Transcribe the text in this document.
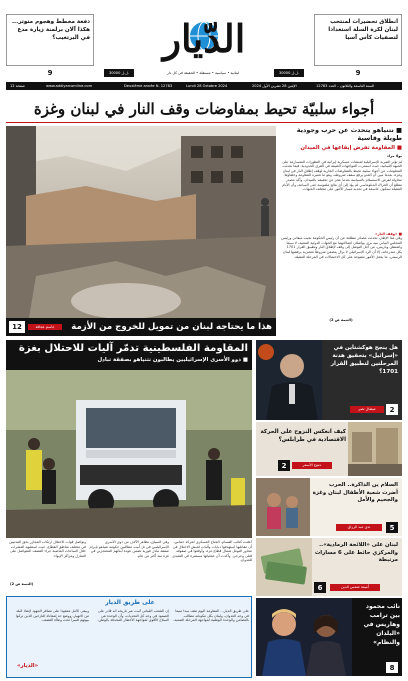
دفعة مخطط وهجوم متوتر... هكذا آلان برلمنة زيارة مدع في البرتغيب؟
9
الدّيار	انطلاق تحضيرات لمنتخب لبنان لكرة السلة استعدادا لتصفيات كأس آسيا
9
30000 ل.ل.	لبنانية • سياسية • مستقلة • الحقيقة في كل دار	30000 ل.ل.
12 صفحة	www.addiyarcomline.com	Deuxième année N. 12783	Lundi 28 Octobre 2024	الإثنين 28 تشرين الأول 2024	السنة التاسعة والثلاثون – العدد 12783
أجواء سلبيّة تحيط بمفاوضات وقف النار في لبنان وغزة
12	جاسم عجاقة	هذا ما يحتاجه لبنان من تمويل للخروج من الأزمة
■ نتنياهو يتحدث عن حرب وجودية طويلة وقاسية
■ المقاومة تفرض إيقاعها في الميدان
بولا مراد
لم تؤثر الضربة الإسرائيلية لمنشآت عسكرية إيرانية في التطورات المتسارعة على الجبهة اللبنانية، حيث استمرت المواجهات العنيفة في القرى الحدودية، فيما تحدثت المعلومات عن أجواء سلبية تحيط بالمفاوضات الجارية لوقف إطلاق النار في لبنان وغزة، بعدما تبين أن العدو يرفع سقف شروطه، وهو ما تعتبره المقاومة وحلفاؤها محاولة لفرض الاستسلام بالسياسة بعدما عجز عن تحقيقه بالميدان. وأكد مصدر مطلع أن الحراك الدبلوماسي لم يؤد إلى أي نتائج ملموسة حتى الساعة، وأن الأيام المقبلة ستكون حاسمة في تحديد مسار الأمور على مختلف الجبهات.
■ «وقف النار»
وفي هذا الإطار، تحدثت مصادر مطلعة عن أن رئيس الحكومة نجيب ميقاتي ورئيس المجلس النيابي نبيه بري يواصلان اتصالاتهما مع الجهات الدولية المعنية، لا سيما واشنطن وباريس، من أجل التوصل إلى وقف لإطلاق النار وتطبيق القرار 1701 بكل مندرجاته، إلا أن الرد الإسرائيلي لا يزال يتضمن شروطاً تعجيزية يرفضها لبنان الرسمي، ما يجعل الأمور مفتوحة على كل الاحتمالات في المرحلة المقبلة.
(التتمة ص 2)
المقاومة الفلسطينية تدمّر آليات للاحتلال بغزة
■ ذوو الأسرى الإسرائيليين يطالبون نتنياهو بصفقة تبادل
أعلنت كتائب القسام، الجناح العسكري لحركة حماس، أن مقاتليها استهدفوا دبابات وآليات لجيش الاحتلال في محاور التوغل شمال قطاع غزة، وأوقعوا في صفوفه قتلى وجرحى. وأكدت أن عملياتها مستمرة في التصدي للعدوان.
وفي السياق، تظاهر الآلاف من ذوي الأسرى الإسرائيليين في تل أبيب مطالبين حكومة نتنياهو بإبرام صفقة تبادل فورية تضمن عودة أبنائهم المحتجزين في غزة منذ أكثر من عام.
وتواصل قوات الاحتلال ارتكاب المجازر بحق المدنيين في مختلف مناطق القطاع، حيث استشهد العشرات خلال الساعات الماضية جراء القصف المتواصل على المنازل ومراكز الإيواء.
(التتمة ص 2)
هل ينجح هوكشتاين في «إسرائيل» بتحقيق هدنة المرحلتين لتطبيق القرار 1701؟
ميشال نصر	2
كيف انعكس النزوح على الحركة الاقتصادية في طرابلس؟
2	دموع الأسمر
السلام ين الذاكرة.. الحرب أضرت شعبة الأطفال لبنان وغزة والجحيم والأمل
ندى عبد الرزاق	5
لبنان على «اللائحة الرمادية».. والمركزي حائط على 6 مسارات مرتبطة
6	أميمة شمس الدين
نائب محمود بين ترامب وهاريس في «البلدان والنظام»
8
على طريق الديار
على طريق الديار... المقاومة اليوم تقف سداً منيعاً في وجه العدوان، ولبنان بكل مكوناته مطالب بالتضامن والوحدة الوطنية لمواجهة المرحلة الصعبة.
إن الشعب اللبناني أثبت عبر تاريخه أنه قادر على الصمود في وجه كل التحديات، وأن الوحدة هي السلاح الأقوى لمواجهة الأخطار المحدقة بالوطن.
ويبقى الأمل معقوداً على تضافر الجهود لإنقاذ البلد من الانهيار، ووضع حد لمعاناة النازحين الذين تركوا بيوتهم قسراً تحت وطأة القصف.
«الديار»
